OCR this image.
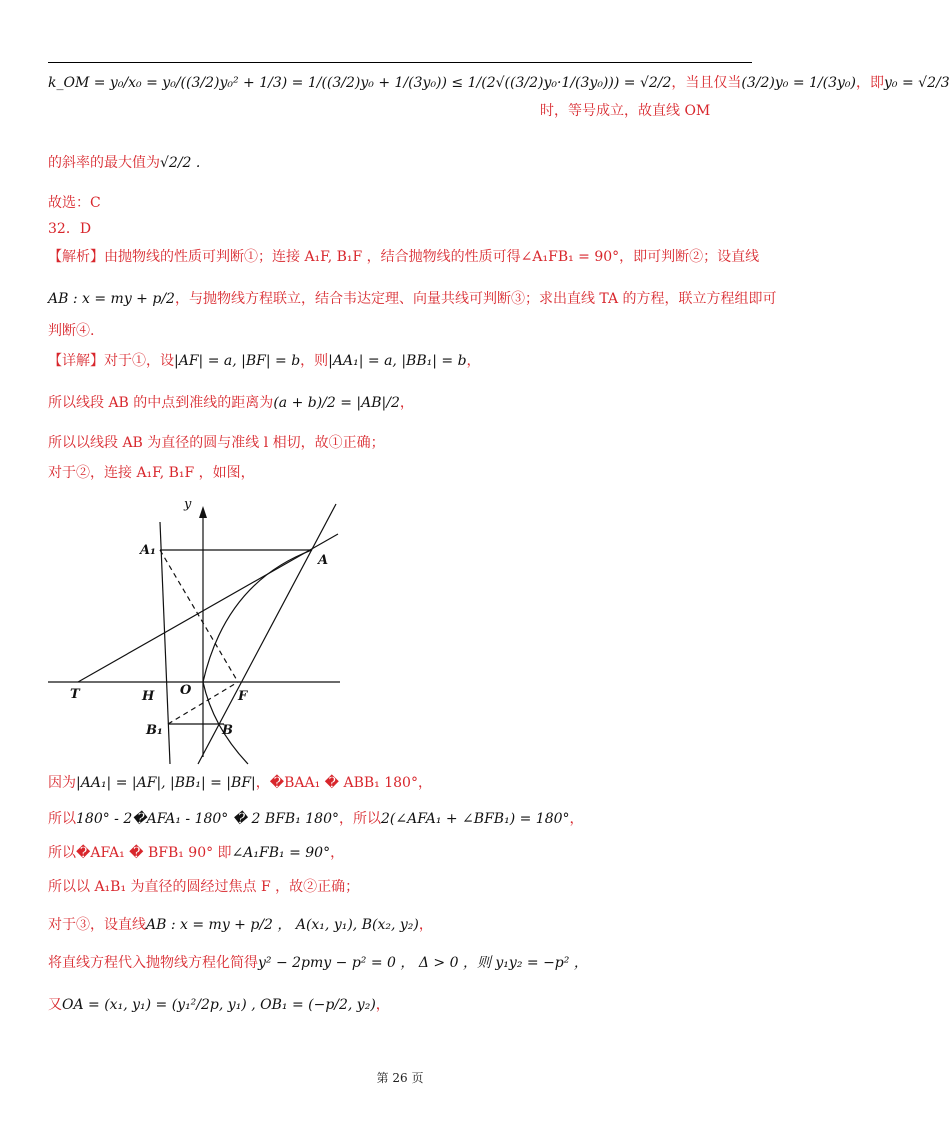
k_OM = y₀/x₀ = y₀/((3/2)y₀² + 1/3) = 1/((3/2)y₀ + 1/(3y₀)) ≤ 1/(2√((3/2)y₀·1/(3y₀))) = √2/2，当且仅当(3/2)y₀ = 1/(3y₀)，即y₀ = √2/3
时，等号成立，故直线 OM
的斜率的最大值为√2/2 .
故选：C
32．D
【解析】由抛物线的性质可判断①；连接 A₁F, B₁F ，结合抛物线的性质可得∠A₁FB₁ = 90°，即可判断②；设直线
AB : x = my + p/2，与抛物线方程联立，结合韦达定理、向量共线可判断③；求出直线 TA 的方程，联立方程组即可
判断④.
【详解】对于①，设|AF| = a, |BF| = b，则|AA₁| = a, |BB₁| = b，
所以线段 AB 的中点到准线的距离为(a + b)/2 = |AB|/2，
所以以线段 AB 为直径的圆与准线 l 相切，故①正确；
对于②，连接 A₁F, B₁F ，如图，
y
A₁
A
T	H O	F
B₁	B
因为|AA₁| = |AF|, |BB₁| = |BF|，�BAA₁ � ABB₁ 180°，
所以180° - 2�AFA₁ - 180° � 2 BFB₁ 180°，所以2(∠AFA₁ + ∠BFB₁) = 180°，
所以�AFA₁ � BFB₁ 90° 即∠A₁FB₁ = 90°，
所以以 A₁B₁ 为直径的圆经过焦点 F ，故②正确；
对于③，设直线AB : x = my + p/2 ， A(x₁, y₁), B(x₂, y₂)，
将直线方程代入抛物线方程化简得y² − 2pmy − p² = 0 ， Δ > 0 ，则 y₁y₂ = −p² ，
又OA = (x₁, y₁) = (y₁²/2p, y₁) , OB₁ = (−p/2, y₂)，
第 26 页
